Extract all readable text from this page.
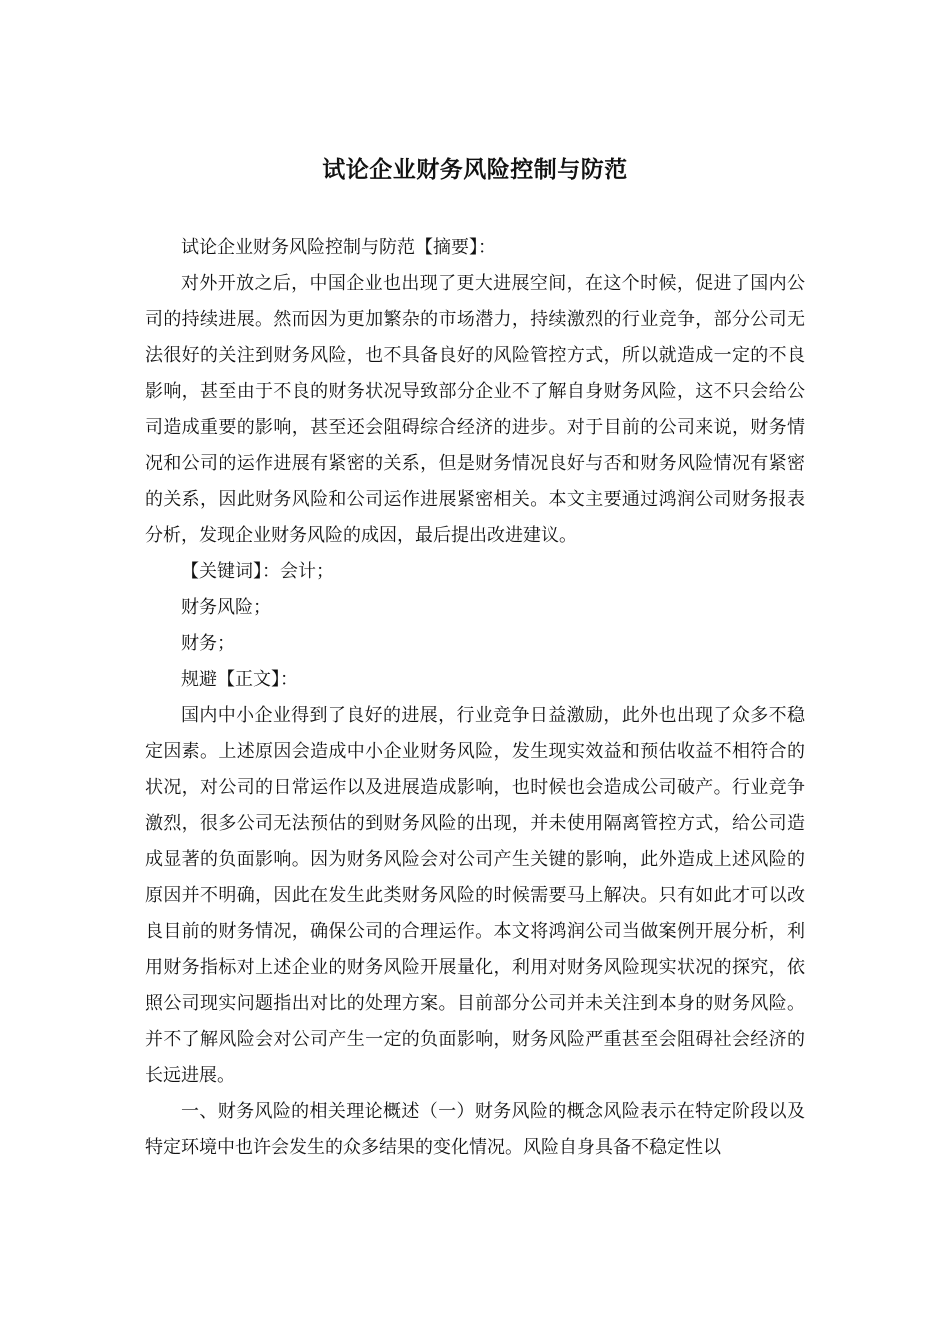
试论企业财务风险控制与防范

试论企业财务风险控制与防范【摘要】：

对外开放之后，中国企业也出现了更大进展空间，在这个时候，促进了国内公司的持续进展。然而因为更加繁杂的市场潜力，持续激烈的行业竞争，部分公司无法很好的关注到财务风险，也不具备良好的风险管控方式，所以就造成一定的不良影响，甚至由于不良的财务状况导致部分企业不了解自身财务风险，这不只会给公司造成重要的影响，甚至还会阻碍综合经济的进步。对于目前的公司来说，财务情况和公司的运作进展有紧密的关系，但是财务情况良好与否和财务风险情况有紧密的关系，因此财务风险和公司运作进展紧密相关。本文主要通过鸿润公司财务报表分析，发现企业财务风险的成因，最后提出改进建议。

【关键词】：会计；

财务风险；

财务；

规避【正文】：

国内中小企业得到了良好的进展，行业竞争日益激励，此外也出现了众多不稳定因素。上述原因会造成中小企业财务风险，发生现实效益和预估收益不相符合的状况，对公司的日常运作以及进展造成影响，也时候也会造成公司破产。行业竞争激烈，很多公司无法预估的到财务风险的出现，并未使用隔离管控方式，给公司造成显著的负面影响。因为财务风险会对公司产生关键的影响，此外造成上述风险的原因并不明确，因此在发生此类财务风险的时候需要马上解决。只有如此才可以改良目前的财务情况，确保公司的合理运作。本文将鸿润公司当做案例开展分析，利用财务指标对上述企业的财务风险开展量化，利用对财务风险现实状况的探究，依照公司现实问题指出对比的处理方案。目前部分公司并未关注到本身的财务风险。并不了解风险会对公司产生一定的负面影响，财务风险严重甚至会阻碍社会经济的长远进展。

一、财务风险的相关理论概述（一）财务风险的概念风险表示在特定阶段以及特定环境中也许会发生的众多结果的变化情况。风险自身具备不稳定性以
